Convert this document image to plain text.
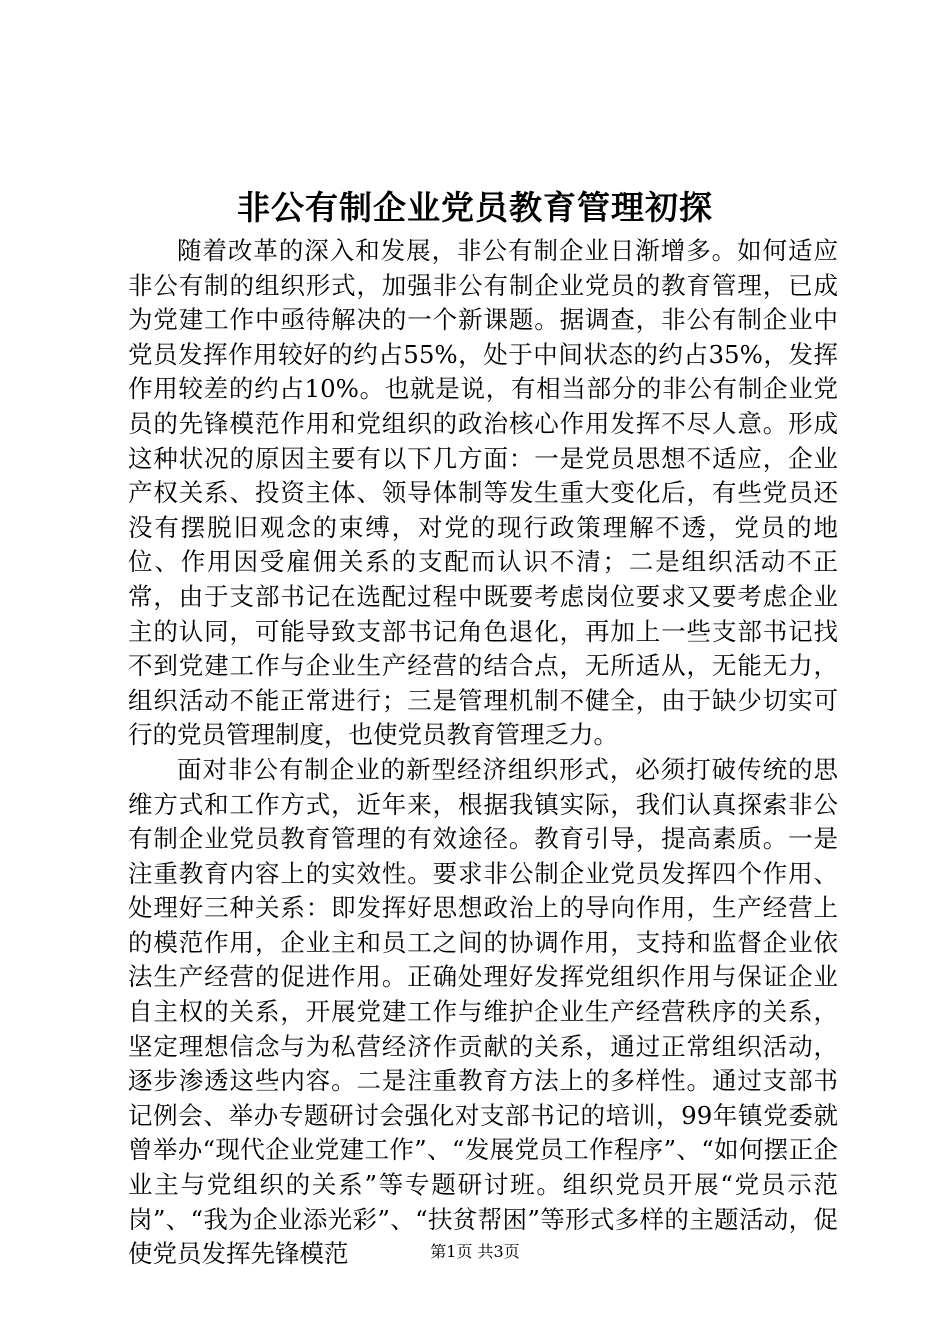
非公有制企业党员教育管理初探

随着改革的深入和发展，非公有制企业日渐增多。如何适应非公有制的组织形式，加强非公有制企业党员的教育管理，已成为党建工作中亟待解决的一个新课题。据调查，非公有制企业中党员发挥作用较好的约占55%，处于中间状态的约占35%，发挥作用较差的约占10%。也就是说，有相当部分的非公有制企业党员的先锋模范作用和党组织的政治核心作用发挥不尽人意。形成这种状况的原因主要有以下几方面：一是党员思想不适应，企业产权关系、投资主体、领导体制等发生重大变化后，有些党员还没有摆脱旧观念的束缚，对党的现行政策理解不透，党员的地位、作用因受雇佣关系的支配而认识不清；二是组织活动不正常，由于支部书记在选配过程中既要考虑岗位要求又要考虑企业主的认同，可能导致支部书记角色退化，再加上一些支部书记找不到党建工作与企业生产经营的结合点，无所适从，无能无力，组织活动不能正常进行；三是管理机制不健全，由于缺少切实可行的党员管理制度，也使党员教育管理乏力。

面对非公有制企业的新型经济组织形式，必须打破传统的思维方式和工作方式，近年来，根据我镇实际，我们认真探索非公有制企业党员教育管理的有效途径。教育引导，提高素质。一是注重教育内容上的实效性。要求非公制企业党员发挥四个作用、处理好三种关系：即发挥好思想政治上的导向作用，生产经营上的模范作用，企业主和员工之间的协调作用，支持和监督企业依法生产经营的促进作用。正确处理好发挥党组织作用与保证企业自主权的关系，开展党建工作与维护企业生产经营秩序的关系，坚定理想信念与为私营经济作贡献的关系，通过正常组织活动，逐步渗透这些内容。二是注重教育方法上的多样性。通过支部书记例会、举办专题研讨会强化对支部书记的培训，99年镇党委就曾举办“现代企业党建工作”、“发展党员工作程序”、“如何摆正企业主与党组织的关系”等专题研讨班。组织党员开展“党员示范岗”、“我为企业添光彩”、“扶贫帮困”等形式多样的主题活动，促使党员发挥先锋模范	第1页 共3页
